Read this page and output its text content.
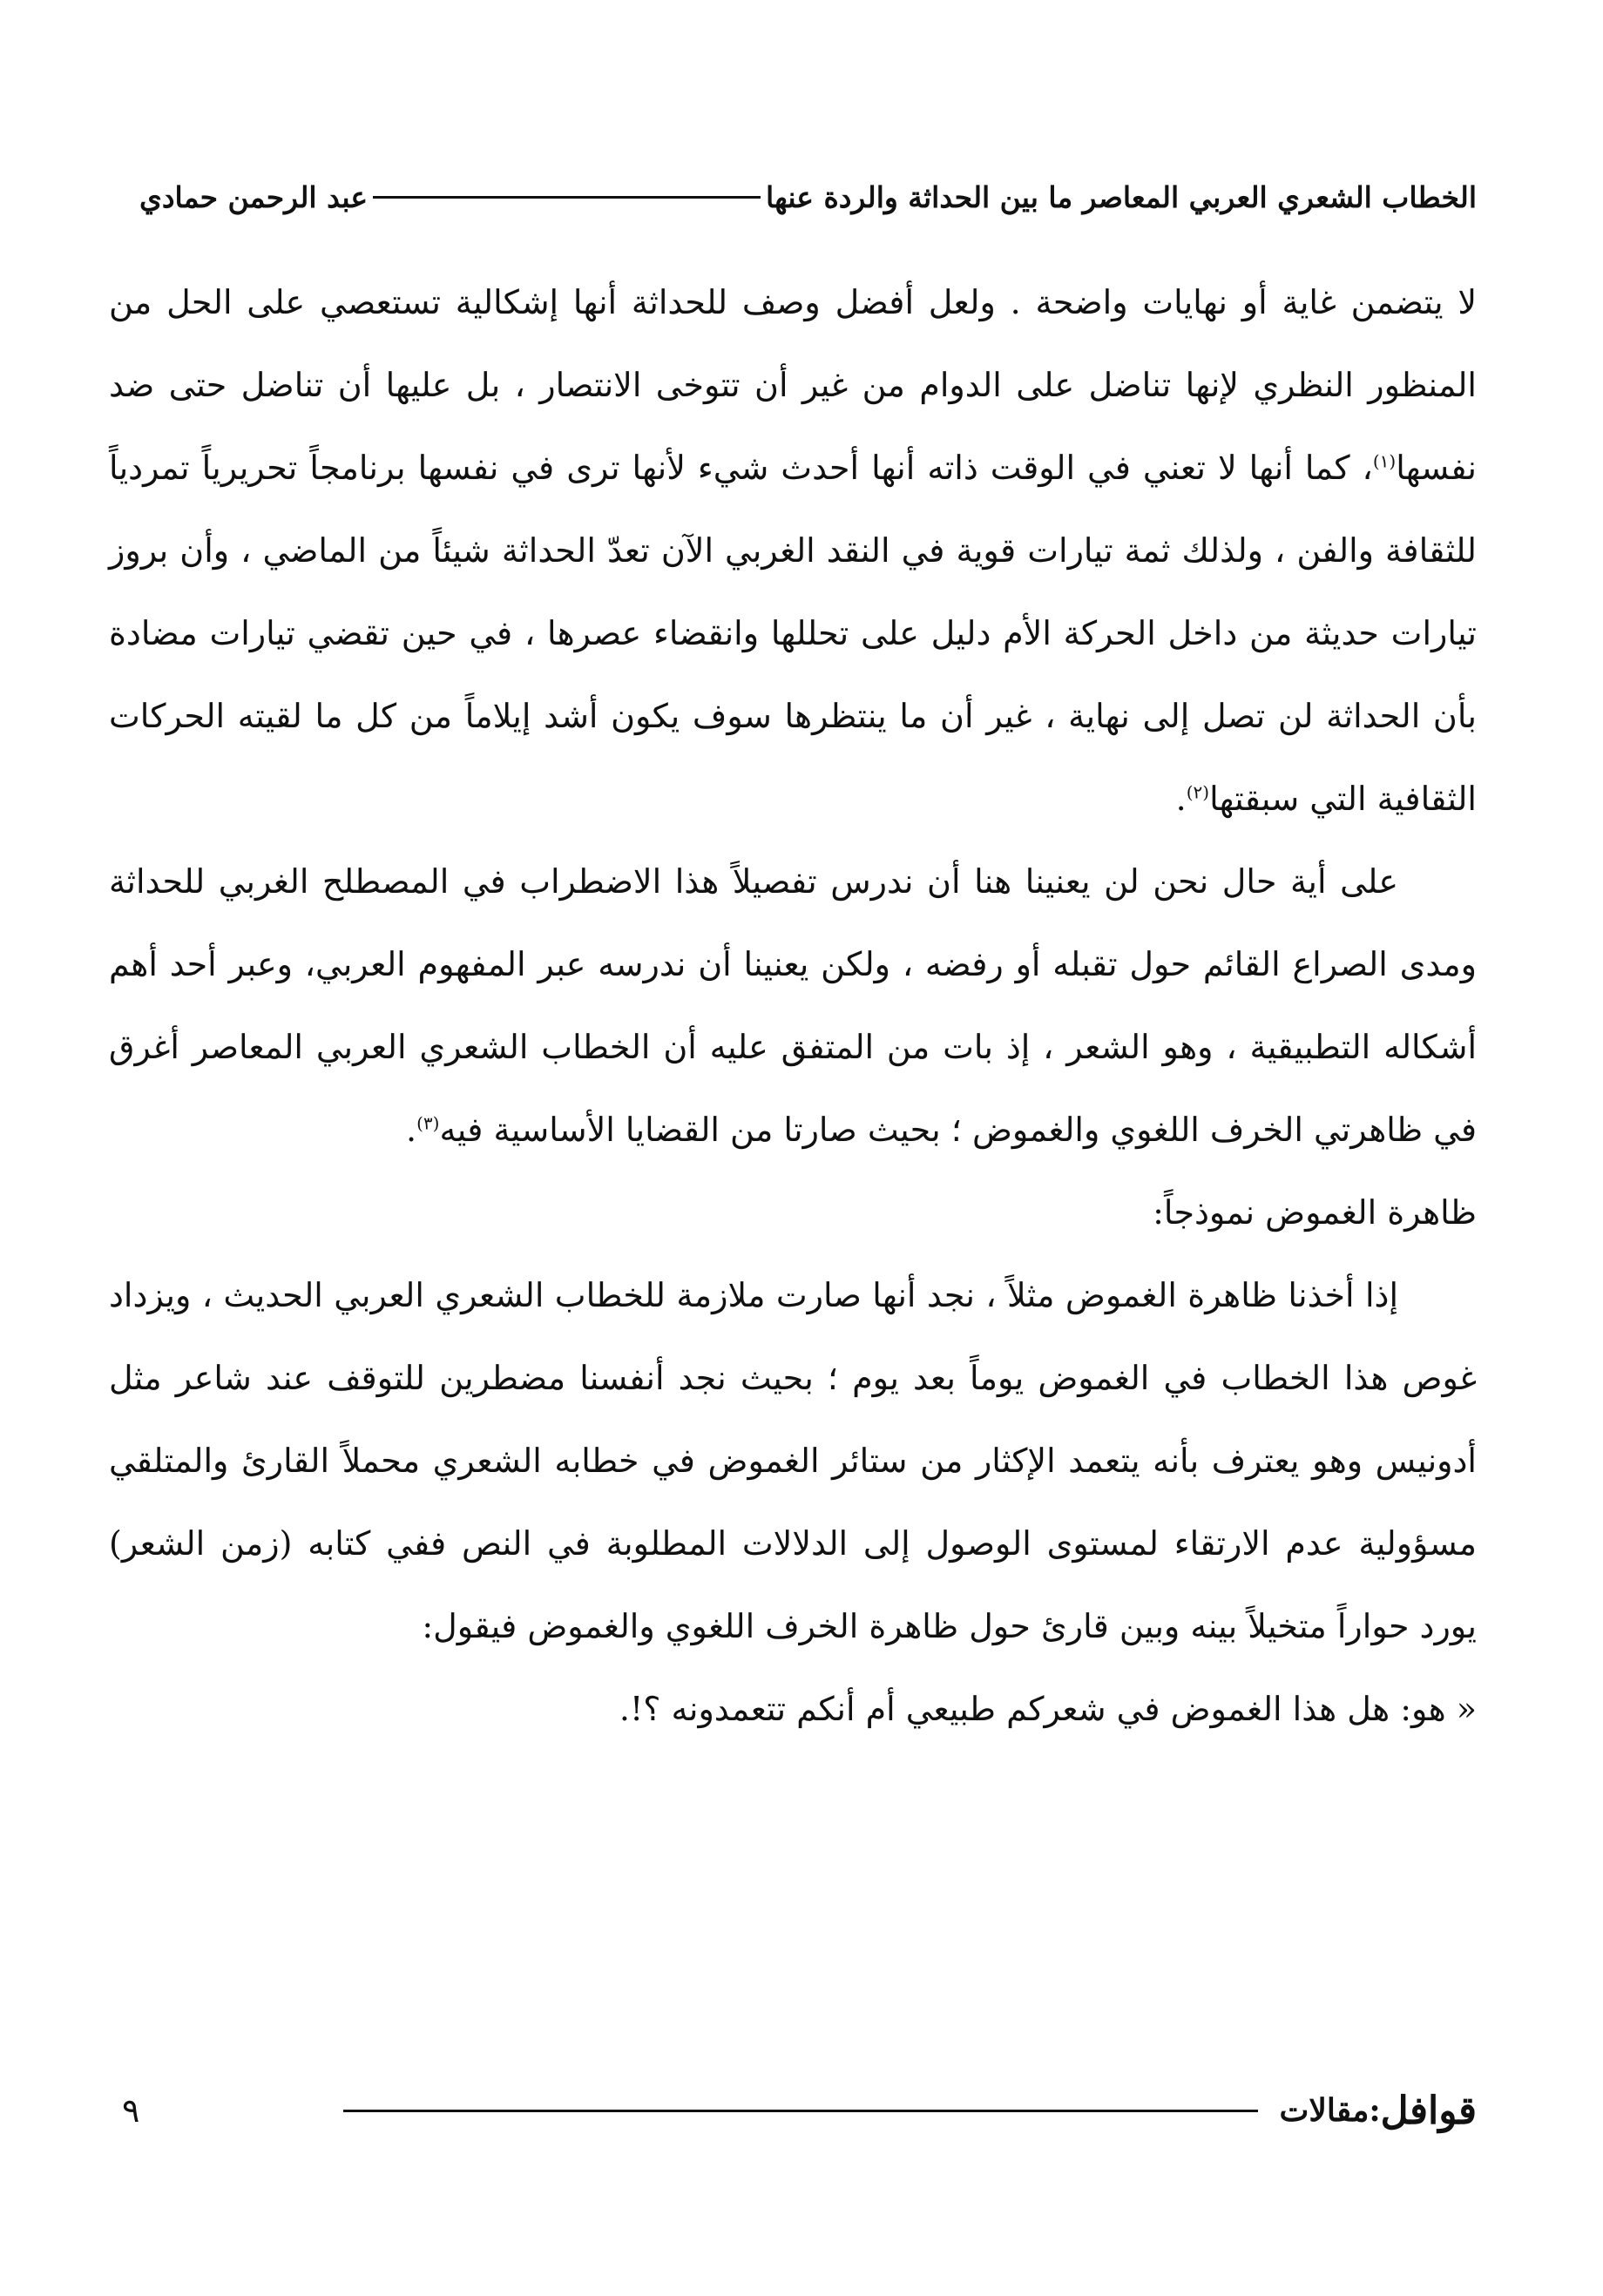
الخطاب الشعري العربي المعاصر ما بين الحداثة والردة عنها
عبد الرحمن حمادي

لا يتضمن غاية أو نهايات واضحة . ولعل أفضل وصف للحداثة أنها إشكالية تستعصي على الحل من المنظور النظري لإنها تناضل على الدوام من غير أن تتوخى الانتصار ، بل عليها أن تناضل حتى ضد نفسها$^{(١)}$، كما أنها لا تعني في الوقت ذاته أنها أحدث شيء لأنها ترى في نفسها برنامجاً تحريرياً تمردياً للثقافة والفن ، ولذلك ثمة تيارات قوية في النقد الغربي الآن تعدّ الحداثة شيئاً من الماضي ، وأن بروز تيارات حديثة من داخل الحركة الأم دليل على تحللها وانقضاء عصرها ، في حين تقضي تيارات مضادة بأن الحداثة لن تصل إلى نهاية ، غير أن ما ينتظرها سوف يكون أشد إيلاماً من كل ما لقيته الحركات الثقافية التي سبقتها$^{(٢)}$.

على أية حال نحن لن يعنينا هنا أن ندرس تفصيلاً هذا الاضطراب في المصطلح الغربي للحداثة ومدى الصراع القائم حول تقبله أو رفضه ، ولكن يعنينا أن ندرسه عبر المفهوم العربي، وعبر أحد أهم أشكاله التطبيقية ، وهو الشعر ، إذ بات من المتفق عليه أن الخطاب الشعري العربي المعاصر أغرق في ظاهرتي الخرف اللغوي والغموض ؛ بحيث صارتا من القضايا الأساسية فيه$^{(٣)}$.

ظاهرة الغموض نموذجاً:

إذا أخذنا ظاهرة الغموض مثلاً ، نجد أنها صارت ملازمة للخطاب الشعري العربي الحديث ، ويزداد غوص هذا الخطاب في الغموض يوماً بعد يوم ؛ بحيث نجد أنفسنا مضطرين للتوقف عند شاعر مثل أدونيس وهو يعترف بأنه يتعمد الإكثار من ستائر الغموض في خطابه الشعري محملاً القارئ والمتلقي مسؤولية عدم الارتقاء لمستوى الوصول إلى الدلالات المطلوبة في النص ففي كتابه (زمن الشعر) يورد حواراً متخيلاً بينه وبين قارئ حول ظاهرة الخرف اللغوي والغموض فيقول:

« هو: هل هذا الغموض في شعركم طبيعي أم أنكم تتعمدونه ؟!.

قوافل
:
مقالات
٩
